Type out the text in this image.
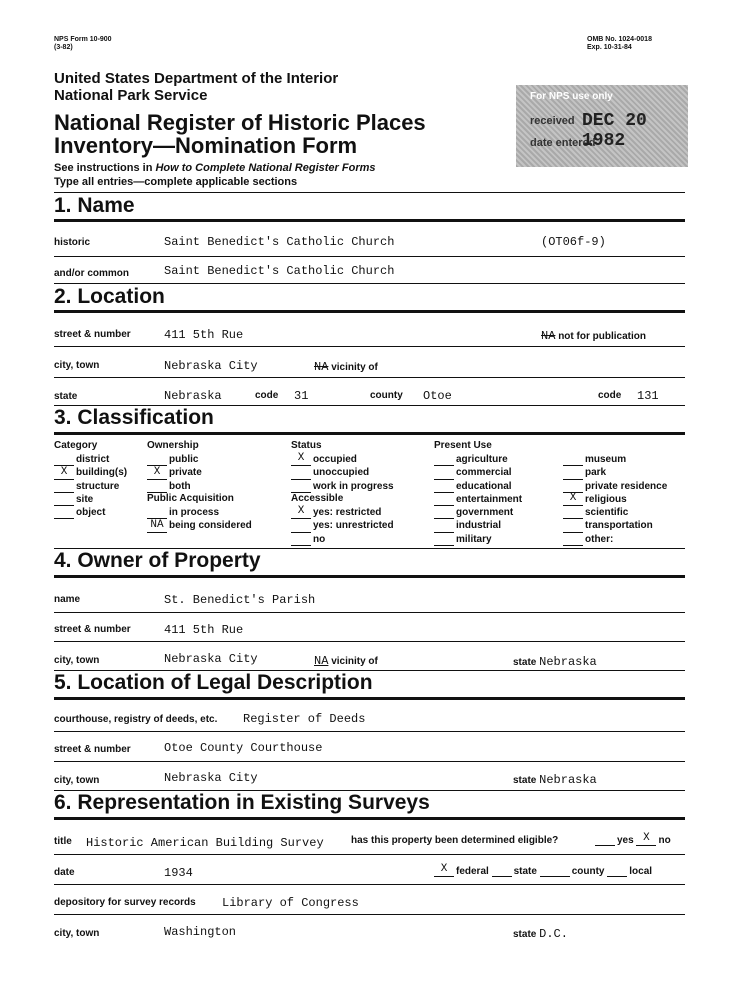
NPS Form 10-900
(3-82)
OMB No. 1024-0018
Exp. 10-31-84
United States Department of the Interior
National Park Service
National Register of Historic Places
Inventory—Nomination Form
See instructions in How to Complete National Register Forms
Type all entries—complete applicable sections
For NPS use only
received
date entered
DEC 20 1982
1. Name
historic	Saint Benedict's Catholic Church	(OT06f-9)
and/or common	Saint Benedict's Catholic Church
2. Location
street & number	411 5th Rue	NA not for publication
city, town	Nebraska City	NA vicinity of
state	Nebraska	code 31	county Otoe	code 131
3. Classification
Category
district
X building(s)
structure
site
object
Ownership
public
X private
both
Public Acquisition
in process
NA being considered
Status
X occupied
unoccupied
work in progress
Accessible
X yes: restricted
yes: unrestricted
no
Present Use
agriculture
commercial
educational
entertainment
government
industrial
military
museum
park
private residence
X religious
scientific
transportation
other:
4. Owner of Property
name	St. Benedict's Parish
street & number	411 5th Rue
city, town	Nebraska City	NA vicinity of	state Nebraska
5. Location of Legal Description
courthouse, registry of deeds, etc. Register of Deeds
street & number	Otoe County Courthouse
city, town	Nebraska City	state Nebraska
6. Representation in Existing Surveys
title Historic American Building Survey	has this property been determined eligible?	yes X no
date	1934	X federal state	county local
depository for survey records Library of Congress
city, town	Washington	state D.C.
